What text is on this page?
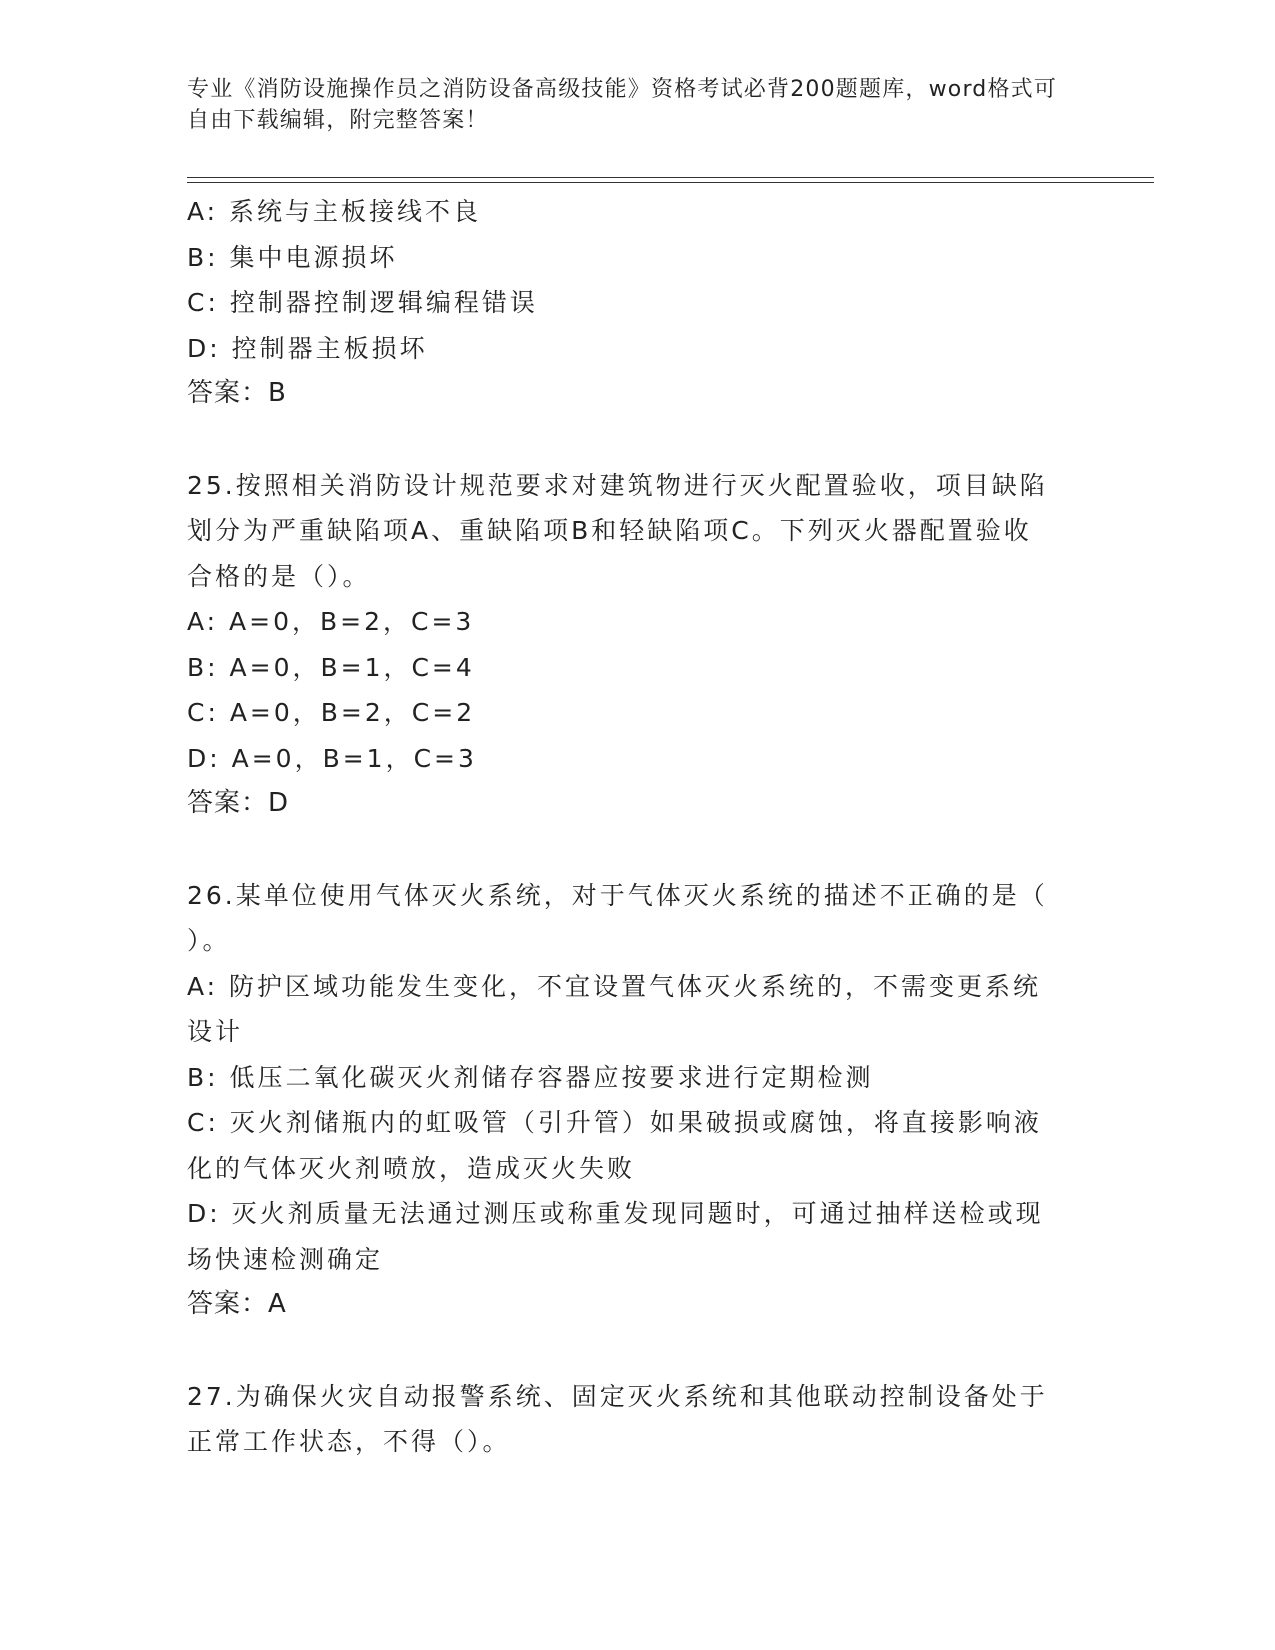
专业《消防设施操作员之消防设备高级技能》资格考试必背200题题库，word格式可自由下载编辑，附完整答案！
A: 系统与主板接线不良
B: 集中电源损坏
C: 控制器控制逻辑编程错误
D: 控制器主板损坏
答案：B
25.按照相关消防设计规范要求对建筑物进行灭火配置验收，项目缺陷
划分为严重缺陷项A、重缺陷项B和轻缺陷项C。下列灭火器配置验收
合格的是（）。
A: A=0，B=2，C=3
B: A=0，B=1，C=4
C: A=0，B=2，C=2
D: A=0，B=1，C=3
答案：D
26.某单位使用气体灭火系统，对于气体灭火系统的描述不正确的是（
）。
A: 防护区域功能发生变化，不宜设置气体灭火系统的，不需变更系统
设计
B: 低压二氧化碳灭火剂储存容器应按要求进行定期检测
C: 灭火剂储瓶内的虹吸管（引升管）如果破损或腐蚀，将直接影响液
化的气体灭火剂喷放，造成灭火失败
D: 灭火剂质量无法通过测压或称重发现同题时，可通过抽样送检或现
场快速检测确定
答案：A
27.为确保火灾自动报警系统、固定灭火系统和其他联动控制设备处于
正常工作状态，不得（）。
